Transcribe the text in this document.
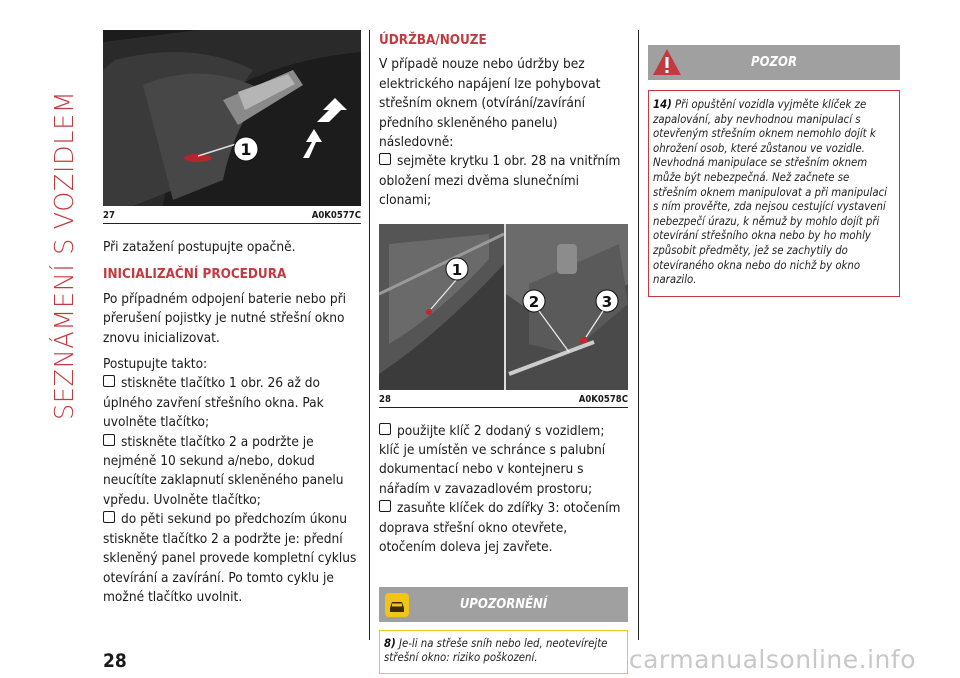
SEZNÁMENÍ S VOZIDLEM	1
27	A0K0577C

Při zatažení postupujte opačně.

INICIALIZAČNÍ PROCEDURA

Po případném odpojení baterie nebo při přerušení pojistky je nutné střešní okno znovu inicializovat.

Postupujte takto:

stiskněte tlačítko 1 obr. 26 až do úplného zavření střešního okna. Pak uvolněte tlačítko;

stiskněte tlačítko 2 a podržte je nejméně 10 sekund a/nebo, dokud neucítíte zaklapnutí skleněného panelu vpředu. Uvolněte tlačítko;

do pěti sekund po předchozím úkonu stiskněte tlačítko 2 a podržte je: přední skleněný panel provede kompletní cyklus otevírání a zavírání. Po tomto cyklu je možné tlačítko uvolnit.

ÚDRŽBA/NOUZE

V případě nouze nebo údržby bez elektrického napájení lze pohybovat střešním oknem (otvírání/zavírání předního skleněného panelu) následovně:

sejměte krytku 1 obr. 28 na vnitřním obložení mezi dvěma slunečními clonami;

1
2	3
28	A0K0578C

použijte klíč 2 dodaný s vozidlem; klíč je umístěn ve schránce s palubní dokumentací nebo v kontejneru s nářadím v zavazadlovém prostoru;

zasuňte klíček do zdířky 3: otočením doprava střešní okno otevřete, otočením doleva jej zavřete.

UPOZORNĚNÍ
8) Je-li na střeše sníh nebo led, neotevírejte střešní okno: riziko poškození.
POZOR
14) Při opuštění vozidla vyjměte klíček ze zapalování, aby nevhodnou manipulací s otevřeným střešním oknem nemohlo dojít k ohrožení osob, které zůstanou ve vozidle. Nevhodná manipulace se střešním oknem může být nebezpečná. Než začnete se střešním oknem manipulovat a při manipulaci s ním prověřte, zda nejsou cestující vystaveni nebezpečí úrazu, k němuž by mohlo dojít při otevírání střešního okna nebo by ho mohly způsobit předměty, jež se zachytily do otevíraného okna nebo do nichž by okno narazilo.
28	carmanualsonline.info
